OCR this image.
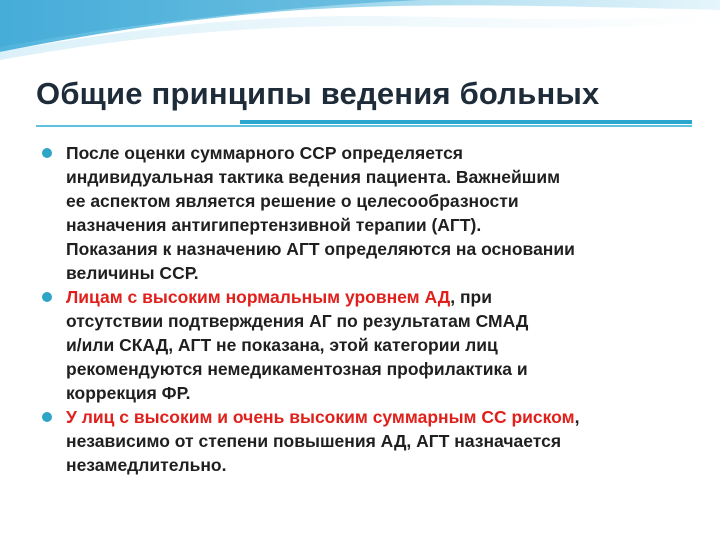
Общие принципы ведения больных
После оценки суммарного ССР определяется
индивидуальная тактика ведения пациента. Важнейшим
ее аспектом является решение о целесообразности
назначения антигипертензивной терапии (АГТ).
Показания к назначению АГТ определяются на основании
величины ССР.
Лицам с высоким нормальным уровнем АД, при
отсутствии подтверждения АГ по результатам СМАД
и/или СКАД, АГТ не показана, этой категории лиц
рекомендуются немедикаментозная профилактика и
коррекция ФР.
У лиц с высоким и очень высоким суммарным СС риском,
независимо от степени повышения АД, АГТ назначается
незамедлительно.
